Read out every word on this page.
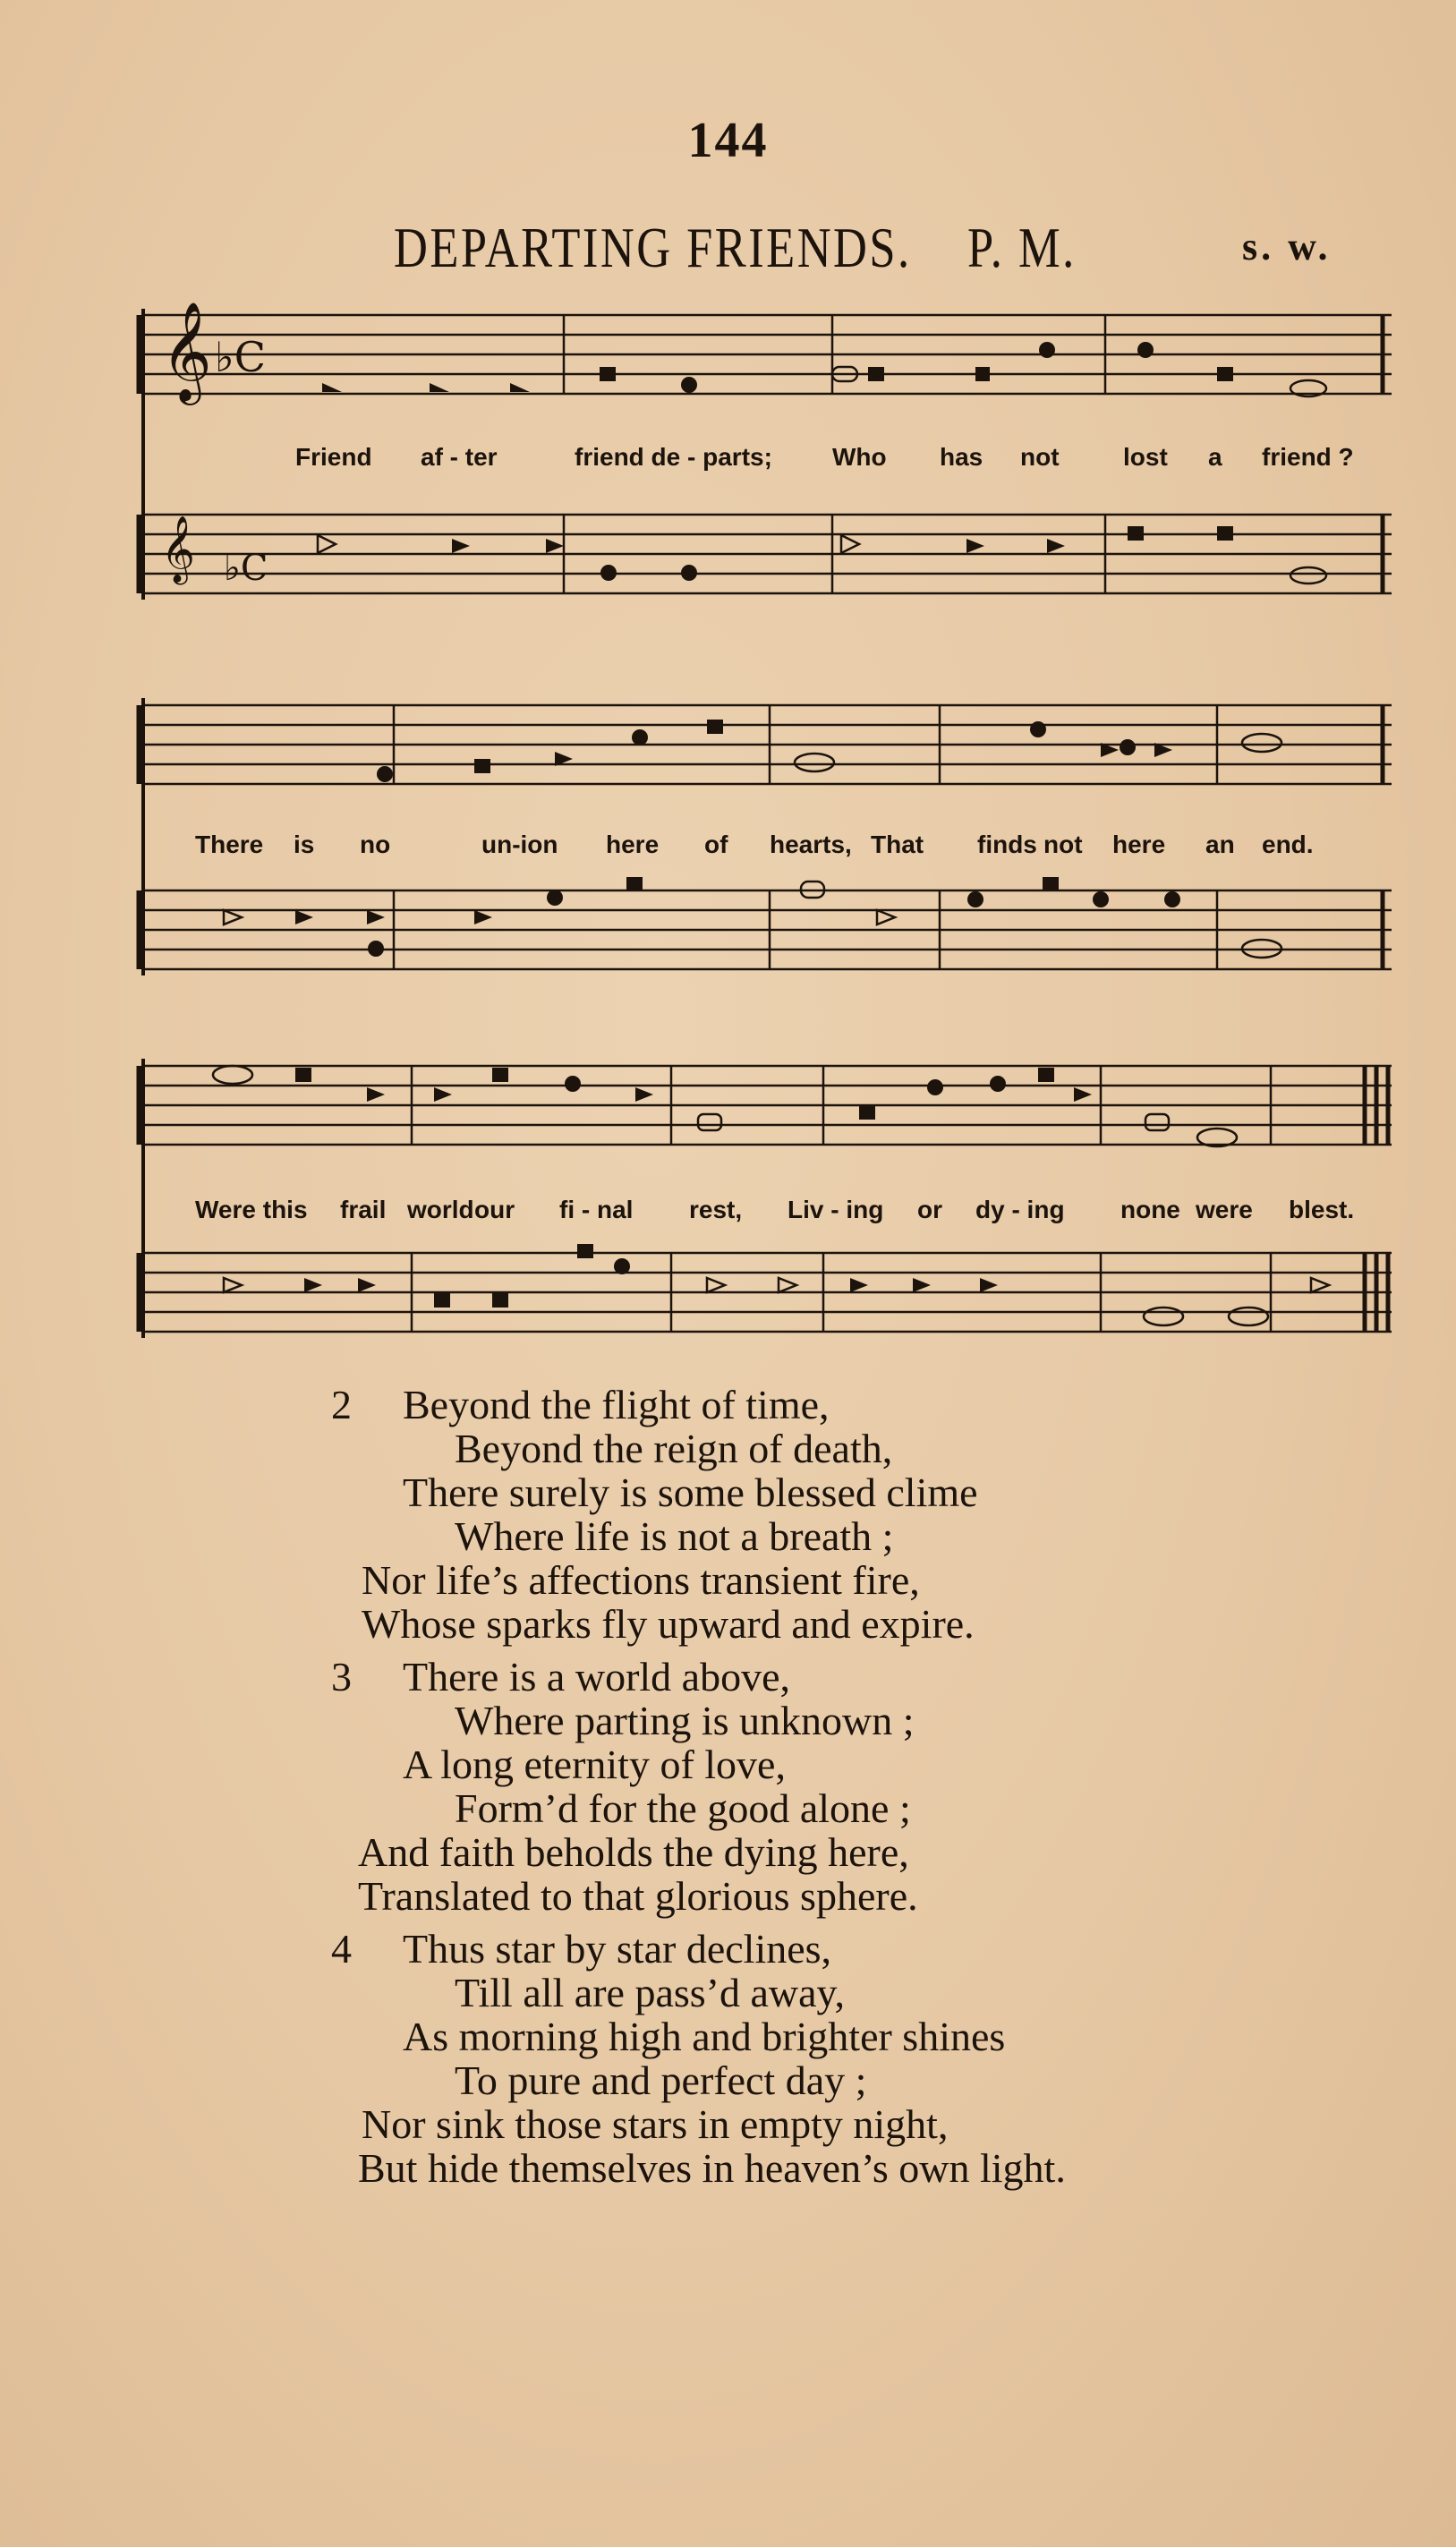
144
DEPARTING FRIENDS. P. M.	s. w.
𝄞 ♭C
𝄞 ♭C
Friend af - ter	friend de - parts; Who has not	lost a friend ?
There is no	un-ion here of hearts, That finds not here an end.
Were this frail world our fi - nal rest, Liv - ing or dy - ing none were blest.
2	Beyond the flight of time,
Beyond the reign of death,
There surely is some blessed clime
Where life is not a breath ;
Nor life’s affections transient fire,
Whose sparks fly upward and expire.
3	There is a world above,
Where parting is unknown ;
A long eternity of love,
Form’d for the good alone ;
And faith beholds the dying here,
Translated to that glorious sphere.
4	Thus star by star declines,
Till all are pass’d away,
As morning high and brighter shines
To pure and perfect day ;
Nor sink those stars in empty night,
But hide themselves in heaven’s own light.
